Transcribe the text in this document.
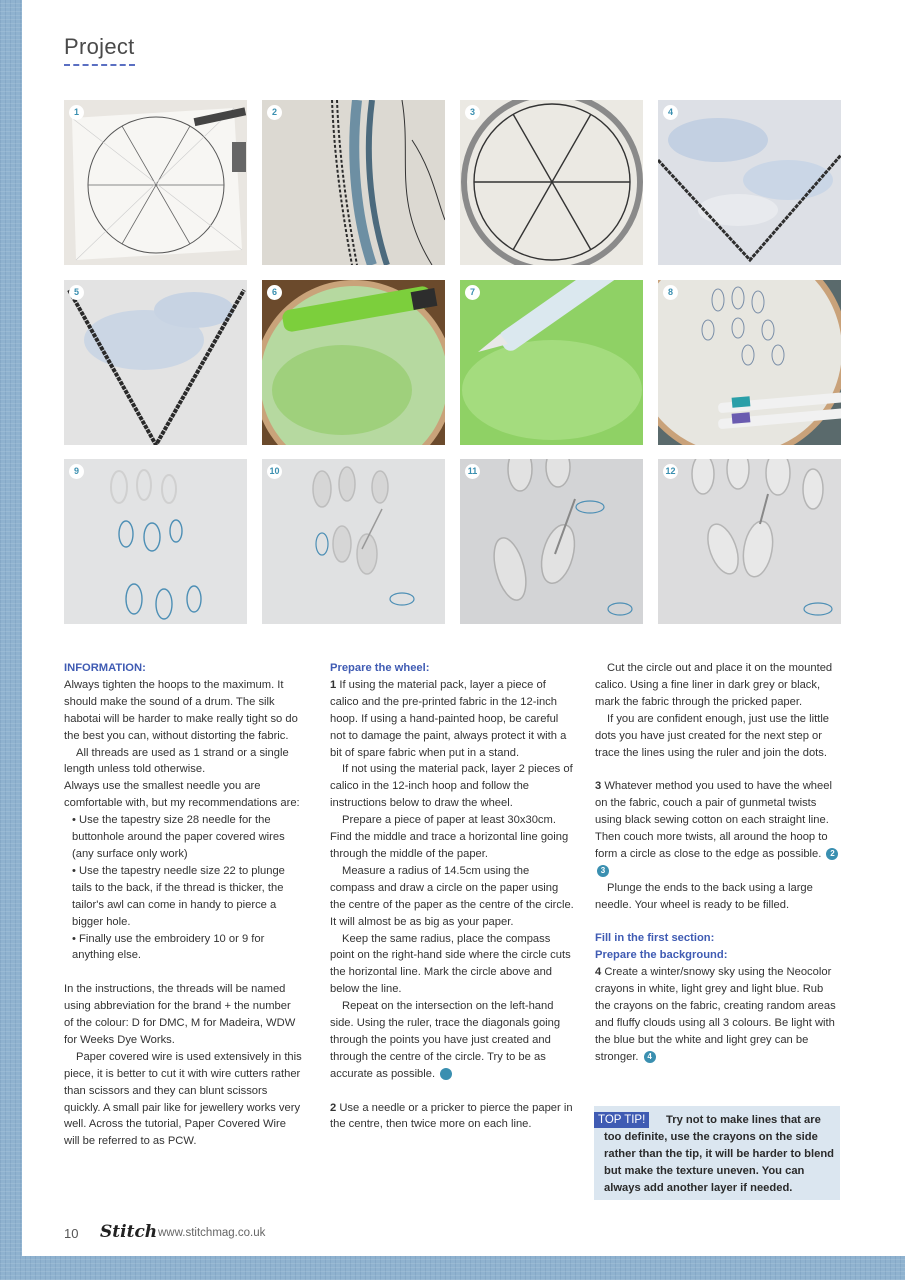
Project
1	2	3	4
5	6	7	8
9	10	11	12
INFORMATION:

Always tighten the hoops to the maximum. It should make the sound of a drum. The silk habotai will be harder to make really tight so do the best you can, without distorting the fabric.

All threads are used as 1 strand or a single length unless told otherwise.

Always use the smallest needle you are comfortable with, but my recommendations are:

• Use the tapestry size 28 needle for the buttonhole around the paper covered wires (any surface only work)

• Use the tapestry needle size 22 to plunge tails to the back, if the thread is thicker, the tailor's awl can come in handy to pierce a bigger hole.

• Finally use the embroidery 10 or 9 for anything else.

In the instructions, the threads will be named using abbreviation for the brand + the number of the colour: D for DMC, M for Madeira, WDW for Weeks Dye Works.

Paper covered wire is used extensively in this piece, it is better to cut it with wire cutters rather than scissors and they can blunt scissors quickly. A small pair like for jewellery works very well. Across the tutorial, Paper Covered Wire will be referred to as PCW.

Prepare the wheel:

1 If using the material pack, layer a piece of calico and the pre-printed fabric in the 12-inch hoop. If using a hand-painted hoop, be careful not to damage the paint, always protect it with a bit of spare fabric when put in a stand.

If not using the material pack, layer 2 pieces of calico in the 12-inch hoop and follow the instructions below to draw the wheel.

Prepare a piece of paper at least 30x30cm. Find the middle and trace a horizontal line going through the middle of the paper.

Measure a radius of 14.5cm using the compass and draw a circle on the paper using the centre of the paper as the centre of the circle. It will almost be as big as your paper.

Keep the same radius, place the compass point on the right-hand side where the circle cuts the horizontal line. Mark the circle above and below the line.

Repeat on the intersection on the left-hand side. Using the ruler, trace the diagonals going through the points you have just created and through the centre of the circle. Try to be as accurate as possible. 1

2 Use a needle or a pricker to pierce the paper in the centre, then twice more on each line.

Cut the circle out and place it on the mounted calico. Using a fine liner in dark grey or black, mark the fabric through the pricked paper.

If you are confident enough, just use the little dots you have just created for the next step or trace the lines using the ruler and join the dots.

3 Whatever method you used to have the wheel on the fabric, couch a pair of gunmetal twists using black sewing cotton on each straight line. Then couch more twists, all around the hoop to form a circle as close to the edge as possible. 23

Plunge the ends to the back using a large needle. Your wheel is ready to be filled.

Fill in the first section:
Prepare the background:

4 Create a winter/snowy sky using the Neocolor crayons in white, light grey and light blue. Rub the crayons on the fabric, creating random areas and fluffy clouds using all 3 colours. Be light with the blue but the white and light grey can be stronger. 4

Try not to make lines that are too definite, use the crayons on the side rather than the tip, it will be harder to blend but make the texture uneven. You can always add another layer if needed.
TOP TIP!
10 Stitch www.stitchmag.co.uk
